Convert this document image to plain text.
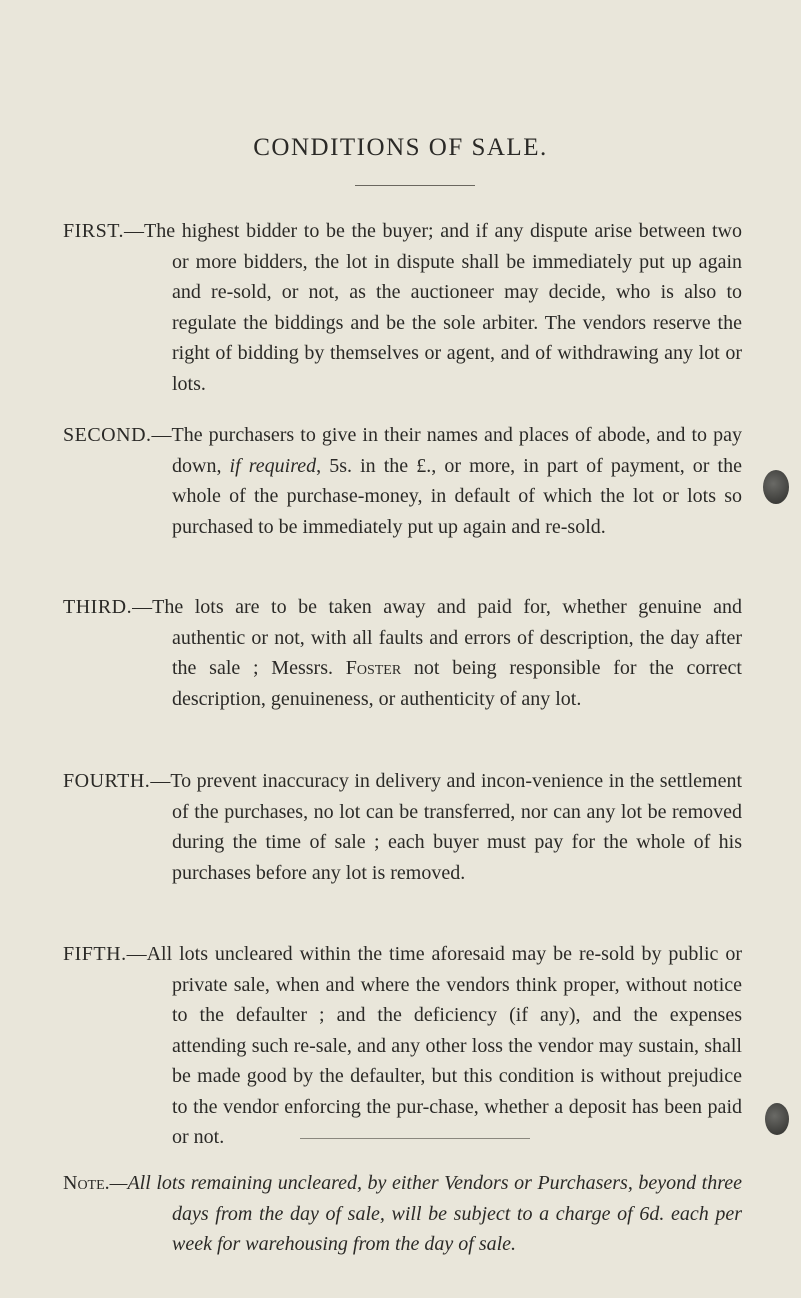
CONDITIONS OF SALE.

FIRST.—The highest bidder to be the buyer; and if any dispute arise between two or more bidders, the lot in dispute shall be immediately put up again and re-sold, or not, as the auctioneer may decide, who is also to regulate the biddings and be the sole arbiter. The vendors reserve the right of bidding by themselves or agent, and of withdrawing any lot or lots.

SECOND.—The purchasers to give in their names and places of abode, and to pay down, if required, 5s. in the £., or more, in part of payment, or the whole of the purchase-money, in default of which the lot or lots so purchased to be immediately put up again and re-sold.

THIRD.—The lots are to be taken away and paid for, whether genuine and authentic or not, with all faults and errors of description, the day after the sale ; Messrs. Foster not being responsible for the correct description, genuineness, or authenticity of any lot.

FOURTH.—To prevent inaccuracy in delivery and incon-venience in the settlement of the purchases, no lot can be transferred, nor can any lot be removed during the time of sale ; each buyer must pay for the whole of his purchases before any lot is removed.

FIFTH.—All lots uncleared within the time aforesaid may be re-sold by public or private sale, when and where the vendors think proper, without notice to the defaulter ; and the deficiency (if any), and the expenses attending such re-sale, and any other loss the vendor may sustain, shall be made good by the defaulter, but this condition is without prejudice to the vendor enforcing the pur-chase, whether a deposit has been paid or not.

Note.—All lots remaining uncleared, by either Vendors or Purchasers, beyond three days from the day of sale, will be subject to a charge of 6d. each per week for warehousing from the day of sale.
